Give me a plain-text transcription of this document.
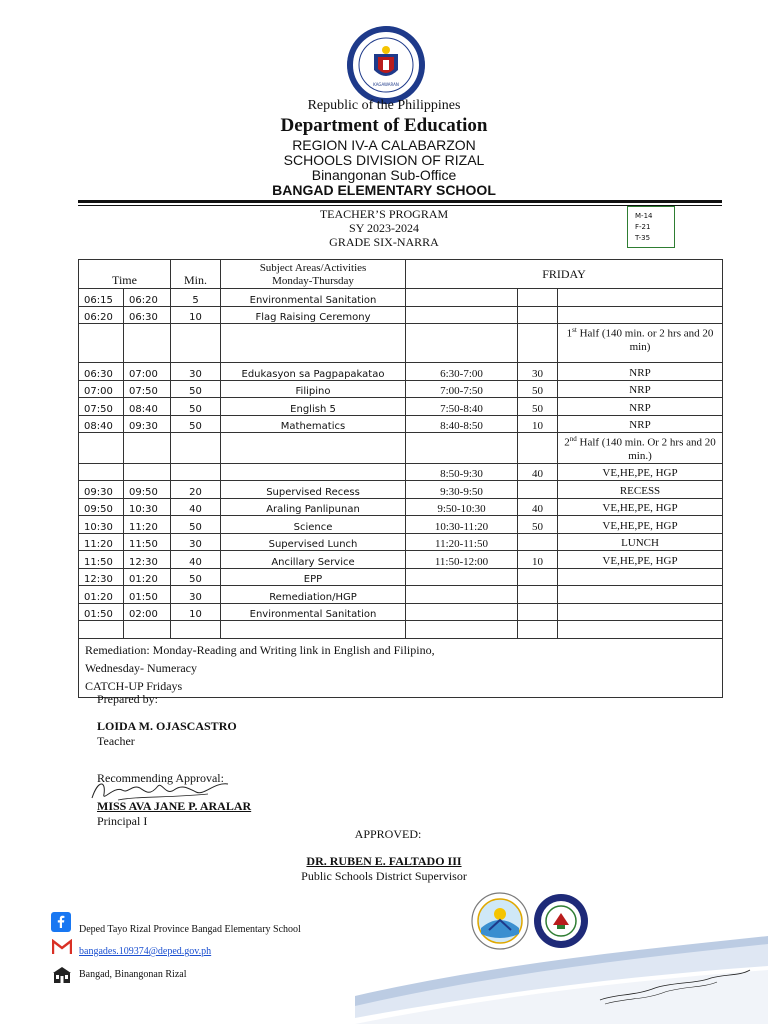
KAGAWARAN
Republic of the Philippines
Department of Education
REGION IV-A CALABARZON
SCHOOLS DIVISION OF RIZAL
Binangonan Sub-Office
BANGAD ELEMENTARY SCHOOL
TEACHER’S PROGRAM
SY 2023-2024
GRADE SIX-NARRA
M-14
F-21
T-35
Time		Min.	Subject Areas/Activities
Monday-Thursday	FRIDAY		
06:15	06:20	5	Environmental Sanitation			
06:20	06:30	10	Flag Raising Ceremony			
						1st Half (140 min. or 2 hrs and 20 min)
06:30	07:00	30	Edukasyon sa Pagpapakatao	6:30-7:00	30	NRP
07:00	07:50	50	Filipino	7:00-7:50	50	NRP
07:50	08:40	50	English 5	7:50-8:40	50	NRP
08:40	09:30	50	Mathematics	8:40-8:50	10	NRP
						2nd Half (140 min. Or 2 hrs and 20 min.)
				8:50-9:30	40	VE,HE,PE, HGP
09:30	09:50	20	Supervised Recess	9:30-9:50		RECESS
09:50	10:30	40	Araling Panlipunan	9:50-10:30	40	VE,HE,PE, HGP
10:30	11:20	50	Science	10:30-11:20	50	VE,HE,PE, HGP
11:20	11:50	30	Supervised Lunch	11:20-11:50		LUNCH
11:50	12:30	40	Ancillary Service	11:50-12:00	10	VE,HE,PE, HGP
12:30	01:20	50	EPP			
01:20	01:50	30	Remediation/HGP			
01:50	02:00	10	Environmental Sanitation			

Remediation: Monday-Reading and Writing link in English and Filipino,
Wednesday- Numeracy
CATCH-UP Fridays						
Prepared by:
LOIDA M. OJASCASTRO
Teacher
Recommending Approval:
MISS AVA JANE P. ARALAR
Principal I
APPROVED:
DR. RUBEN E. FALTADO III
Public Schools District Supervisor
Deped Tayo Rizal Province Bangad Elementary School
bangades.109374@deped.gov.ph
Bangad, Binangonan Rizal
